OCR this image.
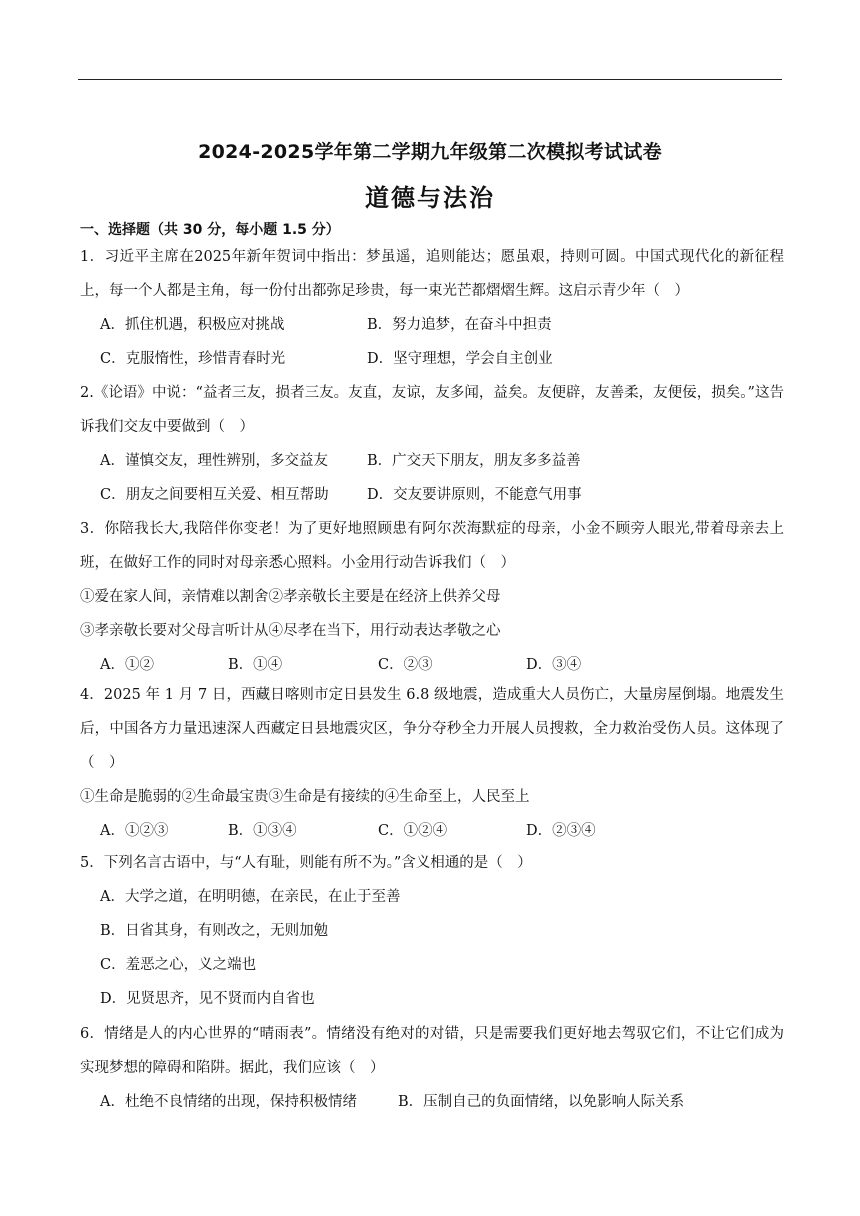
2024-2025学年第二学期九年级第二次模拟考试试卷
道德与法治
一、选择题（共 30 分，每小题 1.5 分）

1．习近平主席在2025年新年贺词中指出：梦虽遥，追则能达；愿虽艰，持则可圆。中国式现代化的新征程上，每一个人都是主角，每一份付出都弥足珍贵，每一束光芒都熠熠生辉。这启示青少年（　）

A．抓住机遇，积极应对挑战	B．努力追梦，在奋斗中担责
C．克服惰性，珍惜青春时光	D．坚守理想，学会自主创业

2.《论语》中说：“益者三友，损者三友。友直，友谅，友多闻，益矣。友便辟，友善柔，友便佞，损矣。”这告诉我们交友中要做到（　）

A．谨慎交友，理性辨别，多交益友	B．广交天下朋友，朋友多多益善
C．朋友之间要相互关爱、相互帮助	D．交友要讲原则，不能意气用事

3．你陪我长大,我陪伴你变老！为了更好地照顾患有阿尔茨海默症的母亲，小金不顾旁人眼光,带着母亲去上班，在做好工作的同时对母亲悉心照料。小金用行动告诉我们（　）

①爱在家人间，亲情难以割舍②孝亲敬长主要是在经济上供养父母

③孝亲敬长要对父母言听计从④尽孝在当下，用行动表达孝敬之心

A．①②	B．①④	C．②③	D．③④

4．2025 年 1 月 7 日，西藏日喀则市定日县发生 6.8 级地震，造成重大人员伤亡，大量房屋倒塌。地震发生后，中国各方力量迅速深人西藏定日县地震灾区，争分夺秒全力开展人员搜救，全力救治受伤人员。这体现了（　）

①生命是脆弱的②生命最宝贵③生命是有接续的④生命至上，人民至上

A．①②③	B．①③④	C．①②④	D．②③④

5．下列名言古语中，与“人有耻，则能有所不为。”含义相通的是（　）

A．大学之道，在明明德，在亲民，在止于至善

B．日省其身，有则改之，无则加勉

C．羞恶之心，义之端也

D．见贤思齐，见不贤而内自省也

6．情绪是人的内心世界的“晴雨表”。情绪没有绝对的对错，只是需要我们更好地去驾驭它们，不让它们成为实现梦想的障碍和陷阱。据此，我们应该（　）

A．杜绝不良情绪的出现，保持积极情绪	B．压制自己的负面情绪，以免影响人际关系
